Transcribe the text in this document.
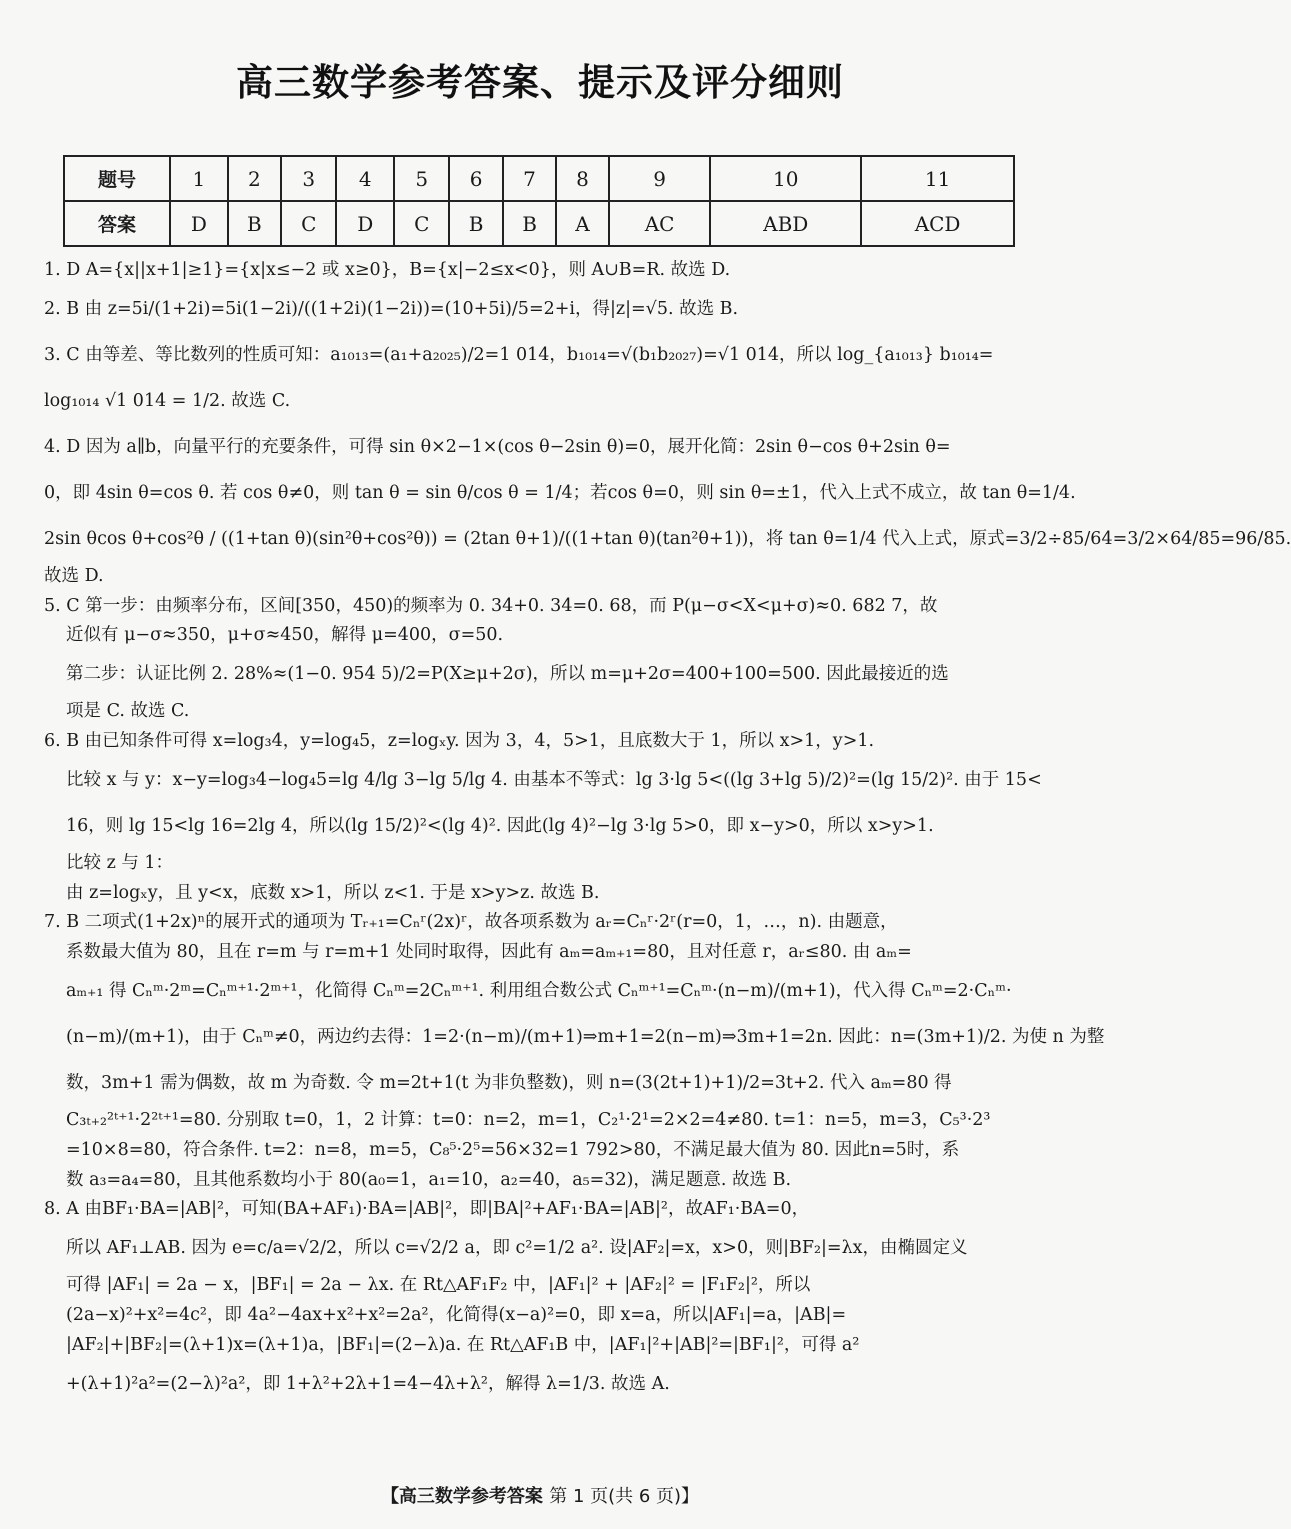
高三数学参考答案、提示及评分细则
题号	1	2	3	4	5	6	7	8	9	10	11
答案	D	B	C	D	C	B	B	A	AC	ABD	ACD
1. D A={x||x+1|≥1}={x|x≤−2 或 x≥0}，B={x|−2≤x<0}，则 A∪B=R. 故选 D.
2. B 由 z=5i/(1+2i)=5i(1−2i)/((1+2i)(1−2i))=(10+5i)/5=2+i，得|z|=√5. 故选 B.
3. C 由等差、等比数列的性质可知：a₁₀₁₃=(a₁+a₂₀₂₅)/2=1 014，b₁₀₁₄=√(b₁b₂₀₂₇)=√1 014，所以 log_{a₁₀₁₃} b₁₀₁₄=
log₁₀₁₄ √1 014 = 1/2. 故选 C.
4. D 因为 a∥b，向量平行的充要条件，可得 sin θ×2−1×(cos θ−2sin θ)=0，展开化简：2sin θ−cos θ+2sin θ=
0，即 4sin θ=cos θ. 若 cos θ≠0，则 tan θ = sin θ/cos θ = 1/4；若cos θ=0，则 sin θ=±1，代入上式不成立，故 tan θ=1/4.
2sin θcos θ+cos²θ / ((1+tan θ)(sin²θ+cos²θ)) = (2tan θ+1)/((1+tan θ)(tan²θ+1))，将 tan θ=1/4 代入上式，原式=3/2÷85/64=3/2×64/85=96/85.
故选 D.
5. C 第一步：由频率分布，区间[350，450)的频率为 0. 34+0. 34=0. 68，而 P(μ−σ<X<μ+σ)≈0. 682 7，故
近似有 μ−σ≈350，μ+σ≈450，解得 μ=400，σ=50.
第二步：认证比例 2. 28%≈(1−0. 954 5)/2=P(X≥μ+2σ)，所以 m=μ+2σ=400+100=500. 因此最接近的选
项是 C. 故选 C.
6. B 由已知条件可得 x=log₃4，y=log₄5，z=logₓy. 因为 3，4，5>1，且底数大于 1，所以 x>1，y>1.
比较 x 与 y：x−y=log₃4−log₄5=lg 4/lg 3−lg 5/lg 4. 由基本不等式：lg 3·lg 5<((lg 3+lg 5)/2)²=(lg 15/2)². 由于 15<
16，则 lg 15<lg 16=2lg 4，所以(lg 15/2)²<(lg 4)². 因此(lg 4)²−lg 3·lg 5>0，即 x−y>0，所以 x>y>1.
比较 z 与 1：
由 z=logₓy，且 y<x，底数 x>1，所以 z<1. 于是 x>y>z. 故选 B.
7. B 二项式(1+2x)ⁿ的展开式的通项为 Tᵣ₊₁=Cₙʳ(2x)ʳ，故各项系数为 aᵣ=Cₙʳ·2ʳ(r=0，1，…，n). 由题意，
系数最大值为 80，且在 r=m 与 r=m+1 处同时取得，因此有 aₘ=aₘ₊₁=80，且对任意 r，aᵣ≤80. 由 aₘ=
aₘ₊₁ 得 Cₙᵐ·2ᵐ=Cₙᵐ⁺¹·2ᵐ⁺¹，化简得 Cₙᵐ=2Cₙᵐ⁺¹. 利用组合数公式 Cₙᵐ⁺¹=Cₙᵐ·(n−m)/(m+1)，代入得 Cₙᵐ=2·Cₙᵐ·
(n−m)/(m+1)，由于 Cₙᵐ≠0，两边约去得：1=2·(n−m)/(m+1)⇒m+1=2(n−m)⇒3m+1=2n. 因此：n=(3m+1)/2. 为使 n 为整
数，3m+1 需为偶数，故 m 为奇数. 令 m=2t+1(t 为非负整数)，则 n=(3(2t+1)+1)/2=3t+2. 代入 aₘ=80 得
C₃ₜ₊₂²ᵗ⁺¹·2²ᵗ⁺¹=80. 分别取 t=0，1，2 计算：t=0：n=2，m=1，C₂¹·2¹=2×2=4≠80. t=1：n=5，m=3，C₅³·2³
=10×8=80，符合条件. t=2：n=8，m=5，C₈⁵·2⁵=56×32=1 792>80，不满足最大值为 80. 因此n=5时，系
数 a₃=a₄=80，且其他系数均小于 80(a₀=1，a₁=10，a₂=40，a₅=32)，满足题意. 故选 B.
8. A 由BF₁·BA=|AB|²，可知(BA+AF₁)·BA=|AB|²，即|BA|²+AF₁·BA=|AB|²，故AF₁·BA=0，
所以 AF₁⊥AB. 因为 e=c/a=√2/2，所以 c=√2/2 a，即 c²=1/2 a². 设|AF₂|=x，x>0，则|BF₂|=λx，由椭圆定义
可得 |AF₁| = 2a − x，|BF₁| = 2a − λx. 在 Rt△AF₁F₂ 中，|AF₁|² + |AF₂|² = |F₁F₂|²，所以
(2a−x)²+x²=4c²，即 4a²−4ax+x²+x²=2a²，化简得(x−a)²=0，即 x=a，所以|AF₁|=a，|AB|=
|AF₂|+|BF₂|=(λ+1)x=(λ+1)a，|BF₁|=(2−λ)a. 在 Rt△AF₁B 中，|AF₁|²+|AB|²=|BF₁|²，可得 a²
+(λ+1)²a²=(2−λ)²a²，即 1+λ²+2λ+1=4−4λ+λ²，解得 λ=1/3. 故选 A.
【高三数学参考答案 第 1 页(共 6 页)】
